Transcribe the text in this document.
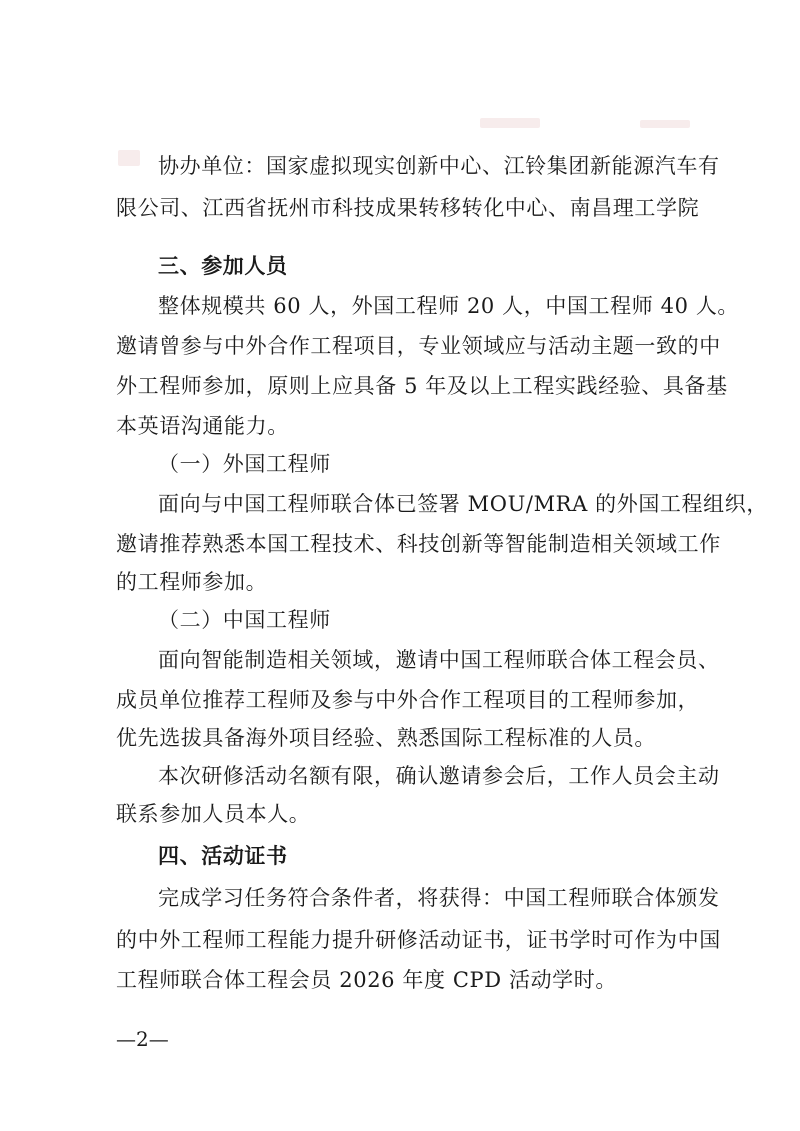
协办单位：国家虚拟现实创新中心、江铃集团新能源汽车有
限公司、江西省抚州市科技成果转移转化中心、南昌理工学院
三、参加人员
整体规模共 60 人，外国工程师 20 人，中国工程师 40 人。
邀请曾参与中外合作工程项目，专业领域应与活动主题一致的中
外工程师参加，原则上应具备 5 年及以上工程实践经验、具备基
本英语沟通能力。
（一）外国工程师
面向与中国工程师联合体已签署 MOU/MRA 的外国工程组织，
邀请推荐熟悉本国工程技术、科技创新等智能制造相关领域工作
的工程师参加。
（二）中国工程师
面向智能制造相关领域，邀请中国工程师联合体工程会员、
成员单位推荐工程师及参与中外合作工程项目的工程师参加，
优先选拔具备海外项目经验、熟悉国际工程标准的人员。
本次研修活动名额有限，确认邀请参会后，工作人员会主动
联系参加人员本人。
四、活动证书
完成学习任务符合条件者，将获得：中国工程师联合体颁发
的中外工程师工程能力提升研修活动证书，证书学时可作为中国
工程师联合体工程会员 2026 年度 CPD 活动学时。
—2—
